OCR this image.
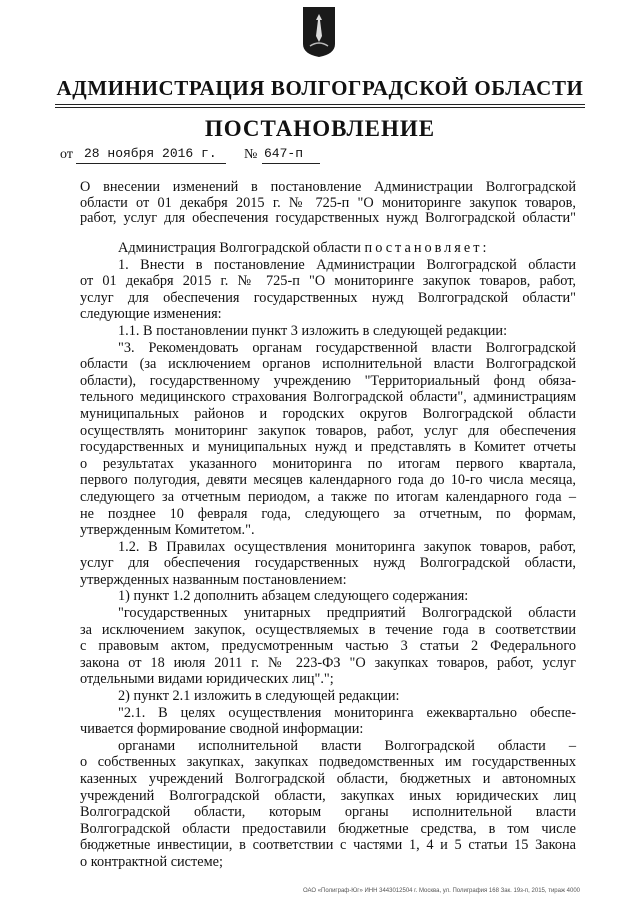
АДМИНИСТРАЦИЯ ВОЛГОГРАДСКОЙ ОБЛАСТИ
ПОСТАНОВЛЕНИЕ
от 28 ноября 2016 г. № 647-п
О внесении изменений в постановление Администрации Волгоградской
области от 01 декабря 2015 г. № 725-п "О мониторинге закупок товаров,
работ, услуг для обеспечения государственных нужд Волгоградской области"
Администрация Волгоградской области постановляет:
1. Внести в постановление Администрации Волгоградской области
от 01 декабря 2015 г. № 725-п "О мониторинге закупок товаров, работ,
услуг для обеспечения государственных нужд Волгоградской области"
следующие изменения:
1.1. В постановлении пункт 3 изложить в следующей редакции:
"3. Рекомендовать органам государственной власти Волгоградской
области (за исключением органов исполнительной власти Волгоградской
области), государственному учреждению "Территориальный фонд обяза-
тельного медицинского страхования Волгоградской области", администрациям
муниципальных районов и городских округов Волгоградской области
осуществлять мониторинг закупок товаров, работ, услуг для обеспечения
государственных и муниципальных нужд и представлять в Комитет отчеты
о результатах указанного мониторинга по итогам первого квартала,
первого полугодия, девяти месяцев календарного года до 10-го числа месяца,
следующего за отчетным периодом, а также по итогам календарного года –
не позднее 10 февраля года, следующего за отчетным, по формам,
утвержденным Комитетом.".
1.2. В Правилах осуществления мониторинга закупок товаров, работ,
услуг для обеспечения государственных нужд Волгоградской области,
утвержденных названным постановлением:
1) пункт 1.2 дополнить абзацем следующего содержания:
"государственных унитарных предприятий Волгоградской области
за исключением закупок, осуществляемых в течение года в соответствии
с правовым актом, предусмотренным частью 3 статьи 2 Федерального
закона от 18 июля 2011 г. № 223-ФЗ "О закупках товаров, работ, услуг
отдельными видами юридических лиц".";
2) пункт 2.1 изложить в следующей редакции:
"2.1. В целях осуществления мониторинга ежеквартально обеспе-
чивается формирование сводной информации:
органами исполнительной власти Волгоградской области –
о собственных закупках, закупках подведомственных им государственных
казенных учреждений Волгоградской области, бюджетных и автономных
учреждений Волгоградской области, закупках иных юридических лиц
Волгоградской области, которым органы исполнительной власти
Волгоградской области предоставили бюджетные средства, в том числе
бюджетные инвестиции, в соответствии с частями 1, 4 и 5 статьи 15 Закона
о контрактной системе;
ОАО «Полиграф-Юг» ИНН 3443012504 г. Москва, ул. Полиграфия 168 Зак. 19з-п, 2015, тираж 4000
